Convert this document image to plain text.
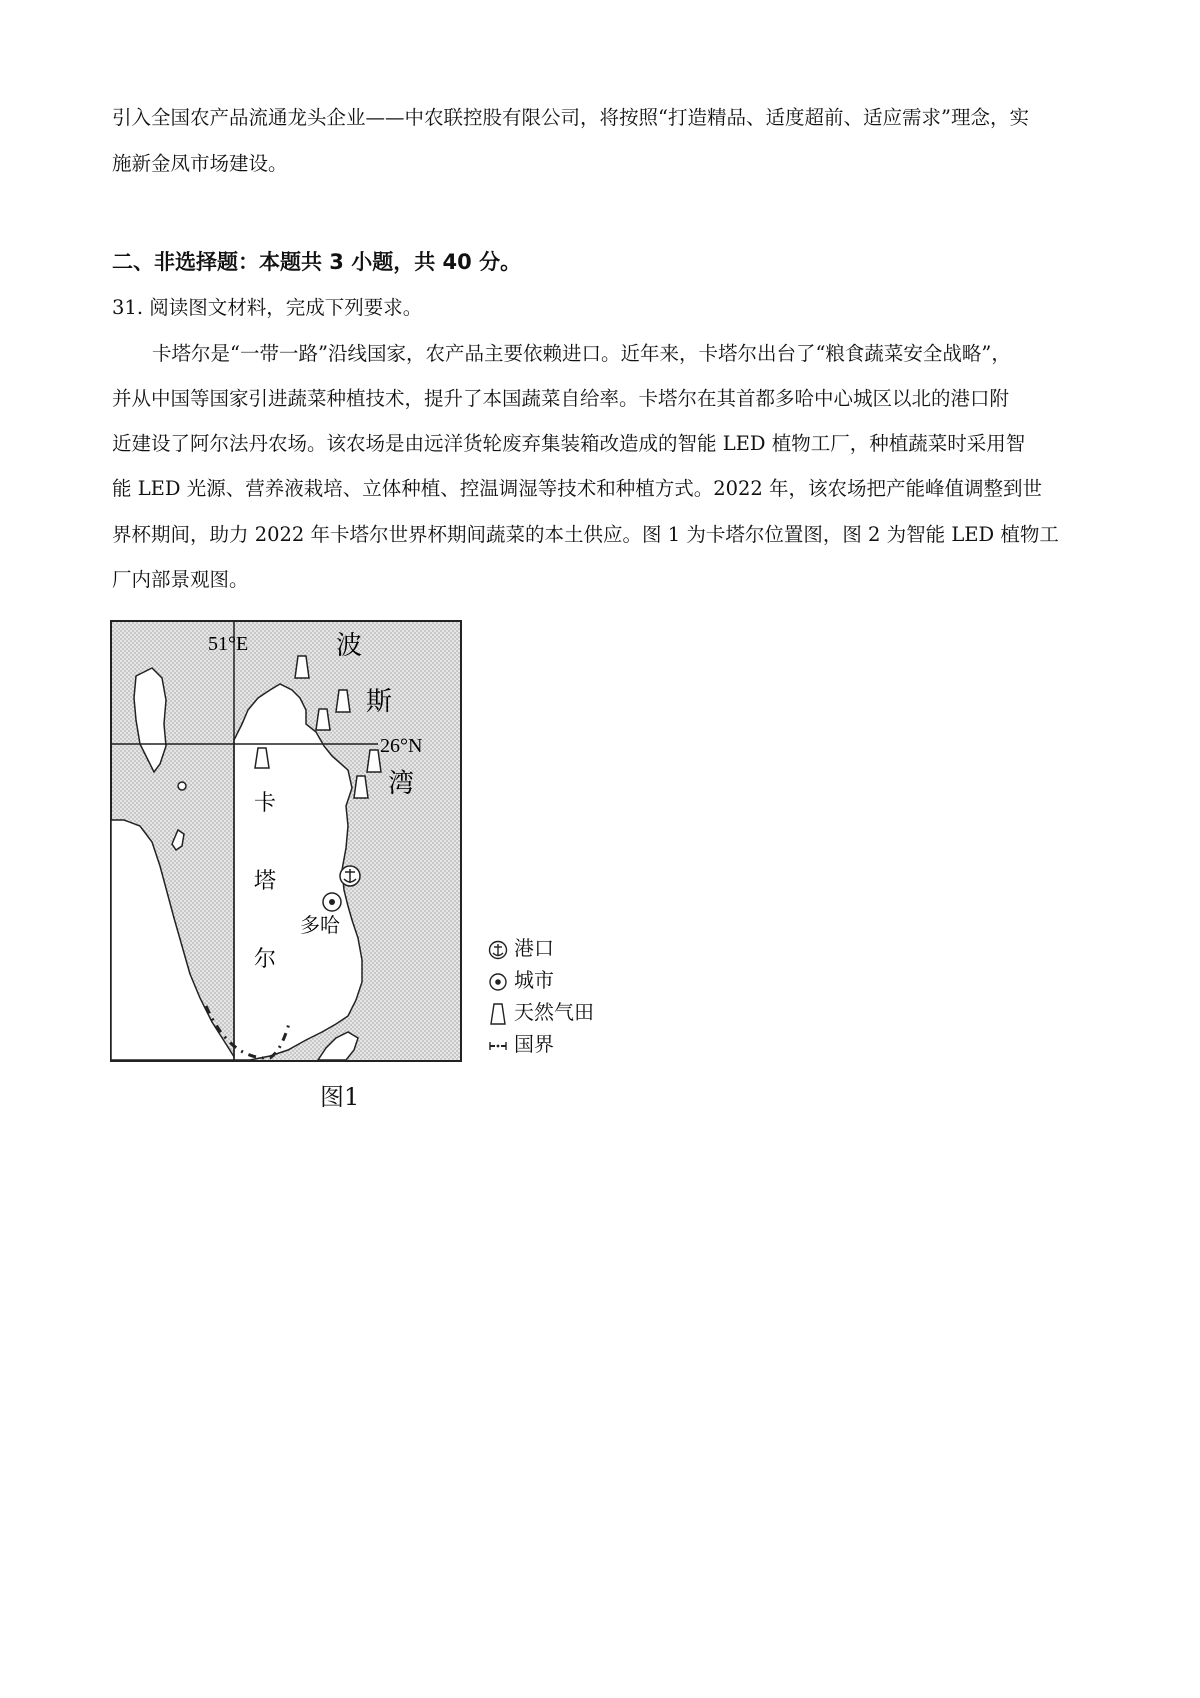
引入全国农产品流通龙头企业——中农联控股有限公司，将按照“打造精品、适度超前、适应需求”理念，实
施新金凤市场建设。
二、非选择题：本题共 3 小题，共 40 分。
31. 阅读图文材料，完成下列要求。
卡塔尔是“一带一路”沿线国家，农产品主要依赖进口。近年来，卡塔尔出台了“粮食蔬菜安全战略”，
并从中国等国家引进蔬菜种植技术，提升了本国蔬菜自给率。卡塔尔在其首都多哈中心城区以北的港口附
近建设了阿尔法丹农场。该农场是由远洋货轮废弃集装箱改造成的智能 LED 植物工厂，种植蔬菜时采用智
能 LED 光源、营养液栽培、立体种植、控温调湿等技术和种植方式。2022 年，该农场把产能峰值调整到世
界杯期间，助力 2022 年卡塔尔世界杯期间蔬菜的本土供应。图 1 为卡塔尔位置图，图 2 为智能 LED 植物工
厂内部景观图。
51°E
26°N
波
斯
湾
卡
塔
尔
多哈
港口
城市
天然气田
国界
图1
